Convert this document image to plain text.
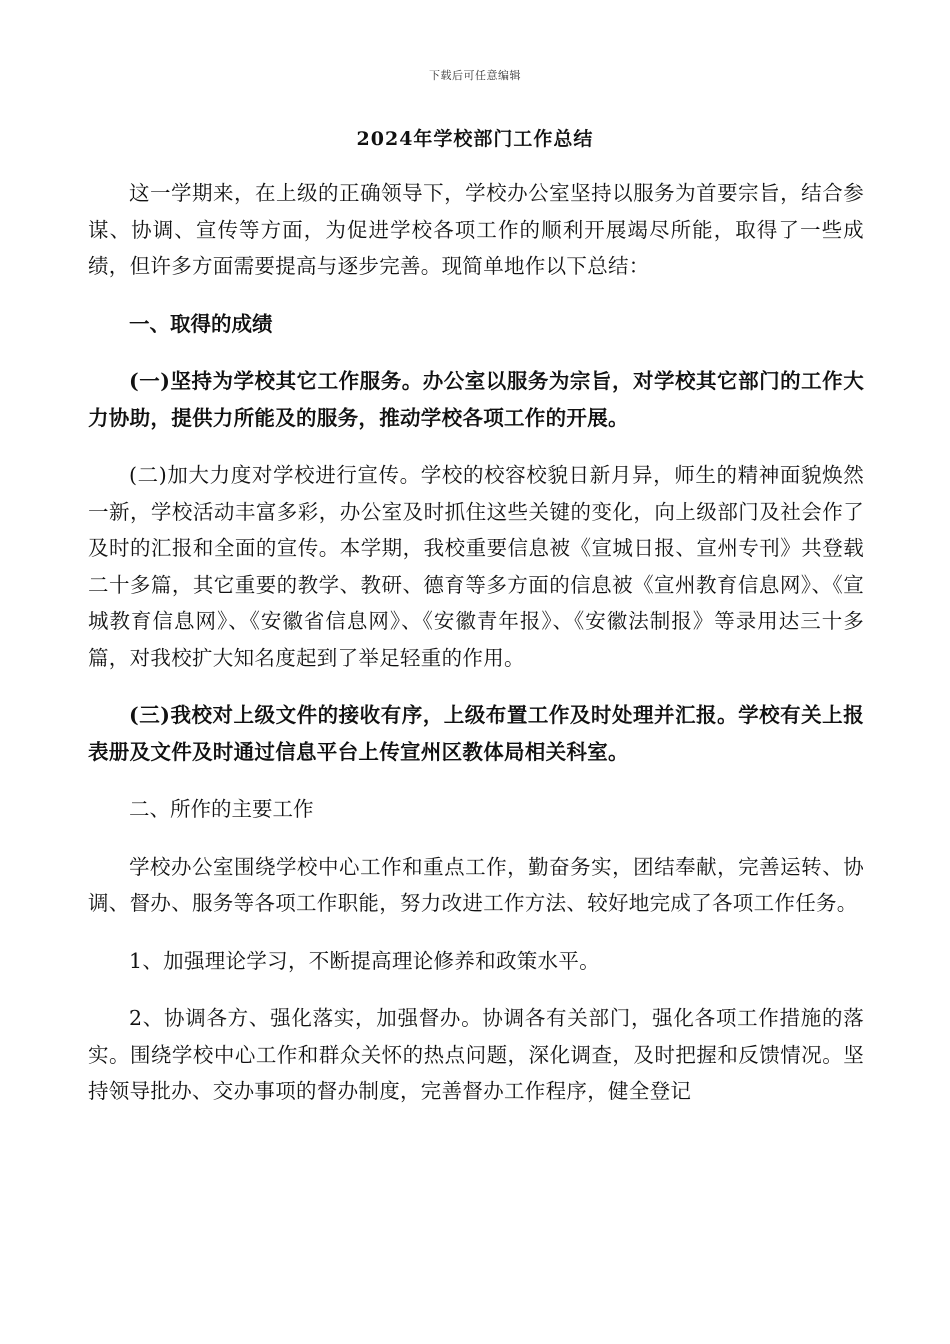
下载后可任意编辑
2024年学校部门工作总结

这一学期来，在上级的正确领导下，学校办公室坚持以服务为首要宗旨，结合参谋、协调、宣传等方面，为促进学校各项工作的顺利开展竭尽所能，取得了一些成绩，但许多方面需要提高与逐步完善。现简单地作以下总结：

一、取得的成绩

(一)坚持为学校其它工作服务。办公室以服务为宗旨，对学校其它部门的工作大力协助，提供力所能及的服务，推动学校各项工作的开展。

(二)加大力度对学校进行宣传。学校的校容校貌日新月异，师生的精神面貌焕然一新，学校活动丰富多彩，办公室及时抓住这些关键的变化，向上级部门及社会作了及时的汇报和全面的宣传。本学期，我校重要信息被《宣城日报、宣州专刊》共登载二十多篇，其它重要的教学、教研、德育等多方面的信息被《宣州教育信息网》、《宣城教育信息网》、《安徽省信息网》、《安徽青年报》、《安徽法制报》等录用达三十多篇，对我校扩大知名度起到了举足轻重的作用。

(三)我校对上级文件的接收有序，上级布置工作及时处理并汇报。学校有关上报表册及文件及时通过信息平台上传宣州区教体局相关科室。

二、所作的主要工作

学校办公室围绕学校中心工作和重点工作，勤奋务实，团结奉献，完善运转、协调、督办、服务等各项工作职能，努力改进工作方法、较好地完成了各项工作任务。

1、加强理论学习，不断提高理论修养和政策水平。

2、协调各方、强化落实，加强督办。协调各有关部门，强化各项工作措施的落实。围绕学校中心工作和群众关怀的热点问题，深化调查，及时把握和反馈情况。坚持领导批办、交办事项的督办制度，完善督办工作程序，健全登记
